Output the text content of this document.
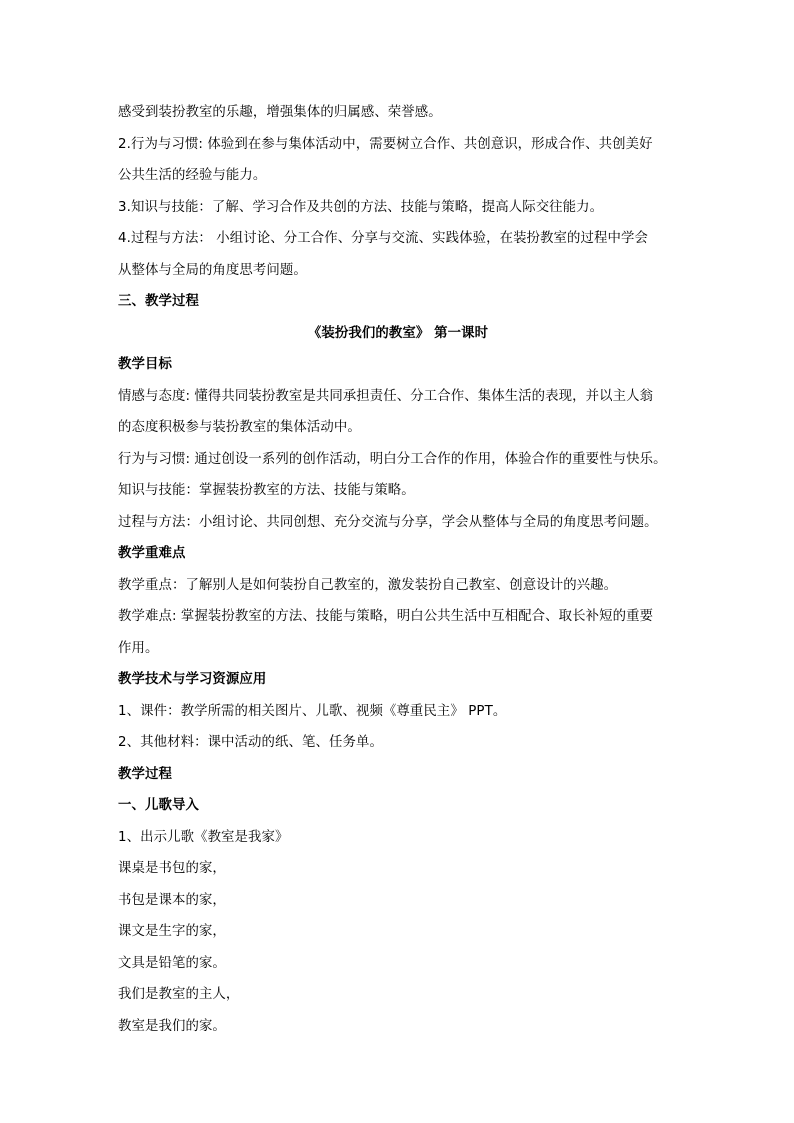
感受到装扮教室的乐趣，增强集体的归属感、荣誉感。
2.行为与习惯: 体验到在参与集体活动中，需要树立合作、共创意识，形成合作、共创美好
公共生活的经验与能力。
3.知识与技能：了解、学习合作及共创的方法、技能与策略，提高人际交往能力。
4.过程与方法： 小组讨论、分工合作、分享与交流、实践体验，在装扮教室的过程中学会
从整体与全局的角度思考问题。
三、教学过程
《装扮我们的教室》 第一课时
教学目标
情感与态度: 懂得共同装扮教室是共同承担责任、分工合作、集体生活的表现，并以主人翁
的态度积极参与装扮教室的集体活动中。
行为与习惯: 通过创设一系列的创作活动，明白分工合作的作用，体验合作的重要性与快乐。
知识与技能：掌握装扮教室的方法、技能与策略。
过程与方法：小组讨论、共同创想、充分交流与分享，学会从整体与全局的角度思考问题。
教学重难点
教学重点：了解别人是如何装扮自己教室的，激发装扮自己教室、创意设计的兴趣。
教学难点: 掌握装扮教室的方法、技能与策略，明白公共生活中互相配合、取长补短的重要
作用。
教学技术与学习资源应用
1、课件：教学所需的相关图片、儿歌、视频《尊重民主》 PPT。
2、其他材料：课中活动的纸、笔、任务单。
教学过程
一、儿歌导入
1、出示儿歌《教室是我家》
课桌是书包的家，
书包是课本的家，
课文是生字的家，
文具是铅笔的家。
我们是教室的主人，
教室是我们的家。
